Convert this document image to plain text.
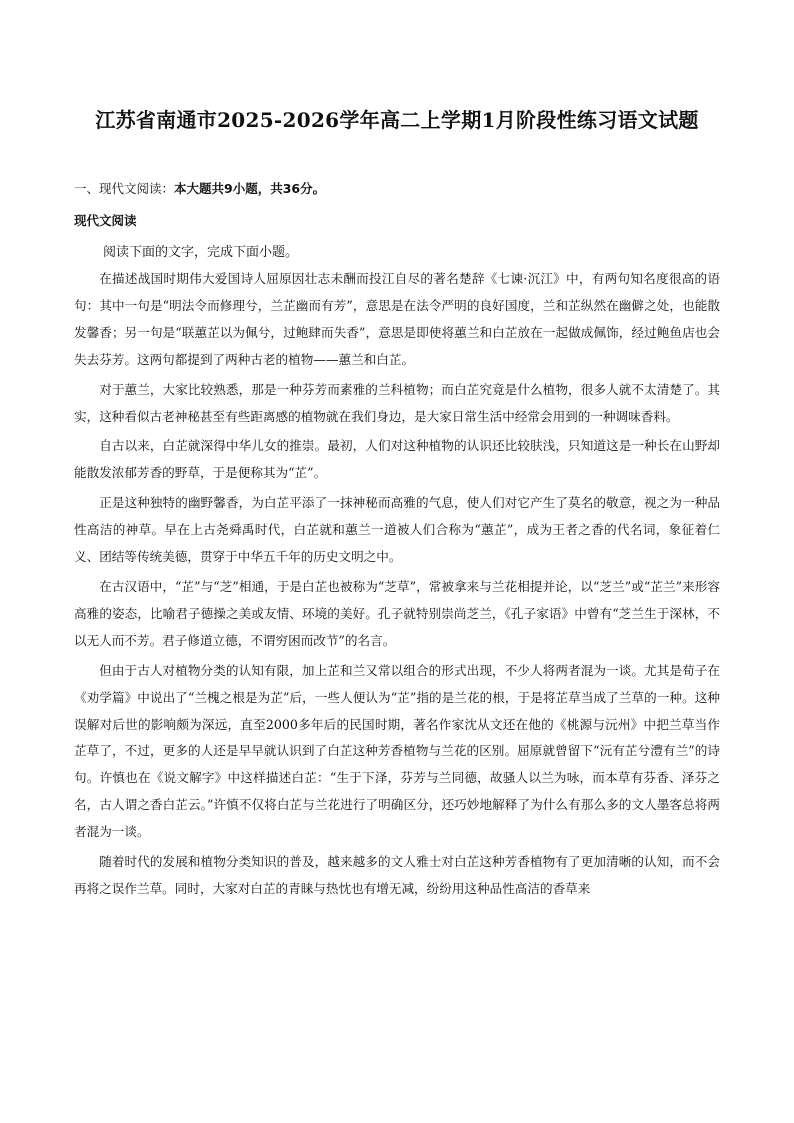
江苏省南通市2025-2026学年高二上学期1月阶段性练习语文试题

一、现代文阅读：本大题共9小题，共36分。

现代文阅读

阅读下面的文字，完成下面小题。

在描述战国时期伟大爱国诗人屈原因壮志未酬而投江自尽的著名楚辞《七谏·沉江》中，有两句知名度很高的语句：其中一句是“明法令而修理兮，兰芷幽而有芳”，意思是在法令严明的良好国度，兰和芷纵然在幽僻之处，也能散发馨香；另一句是“联蕙芷以为佩兮，过鲍肆而失香”，意思是即使将蕙兰和白芷放在一起做成佩饰，经过鲍鱼店也会失去芬芳。这两句都提到了两种古老的植物——蕙兰和白芷。

对于蕙兰，大家比较熟悉，那是一种芬芳而素雅的兰科植物；而白芷究竟是什么植物，很多人就不太清楚了。其实，这种看似古老神秘甚至有些距离感的植物就在我们身边，是大家日常生活中经常会用到的一种调味香料。

自古以来，白芷就深得中华儿女的推崇。最初，人们对这种植物的认识还比较肤浅，只知道这是一种长在山野却能散发浓郁芳香的野草，于是便称其为“芷”。

正是这种独特的幽野馨香，为白芷平添了一抹神秘而高雅的气息，使人们对它产生了莫名的敬意，视之为一种品性高洁的神草。早在上古尧舜禹时代，白芷就和蕙兰一道被人们合称为“蕙芷”，成为王者之香的代名词，象征着仁义、团结等传统美德，贯穿于中华五千年的历史文明之中。

在古汉语中，“芷”与“芝”相通，于是白芷也被称为“芝草”，常被拿来与兰花相提并论，以“芝兰”或“芷兰”来形容高雅的姿态，比喻君子德操之美或友情、环境的美好。孔子就特别崇尚芝兰，《孔子家语》中曾有“芝兰生于深林，不以无人而不芳。君子修道立德，不谓穷困而改节”的名言。

但由于古人对植物分类的认知有限，加上芷和兰又常以组合的形式出现，不少人将两者混为一谈。尤其是荀子在《劝学篇》中说出了“兰槐之根是为芷”后，一些人便认为“芷”指的是兰花的根，于是将芷草当成了兰草的一种。这种误解对后世的影响颇为深远，直至2000多年后的民国时期，著名作家沈从文还在他的《桃源与沅州》中把兰草当作芷草了，不过，更多的人还是早早就认识到了白芷这种芳香植物与兰花的区别。屈原就曾留下“沅有芷兮澧有兰”的诗句。许慎也在《说文解字》中这样描述白芷：“生于下泽，芬芳与兰同德，故骚人以兰为咏，而本草有芬香、泽芬之名，古人谓之香白芷云。”许慎不仅将白芷与兰花进行了明确区分，还巧妙地解释了为什么有那么多的文人墨客总将两者混为一谈。

随着时代的发展和植物分类知识的普及，越来越多的文人雅士对白芷这种芳香植物有了更加清晰的认知，而不会再将之误作兰草。同时，大家对白芷的青睐与热忱也有增无减，纷纷用这种品性高洁的香草来
